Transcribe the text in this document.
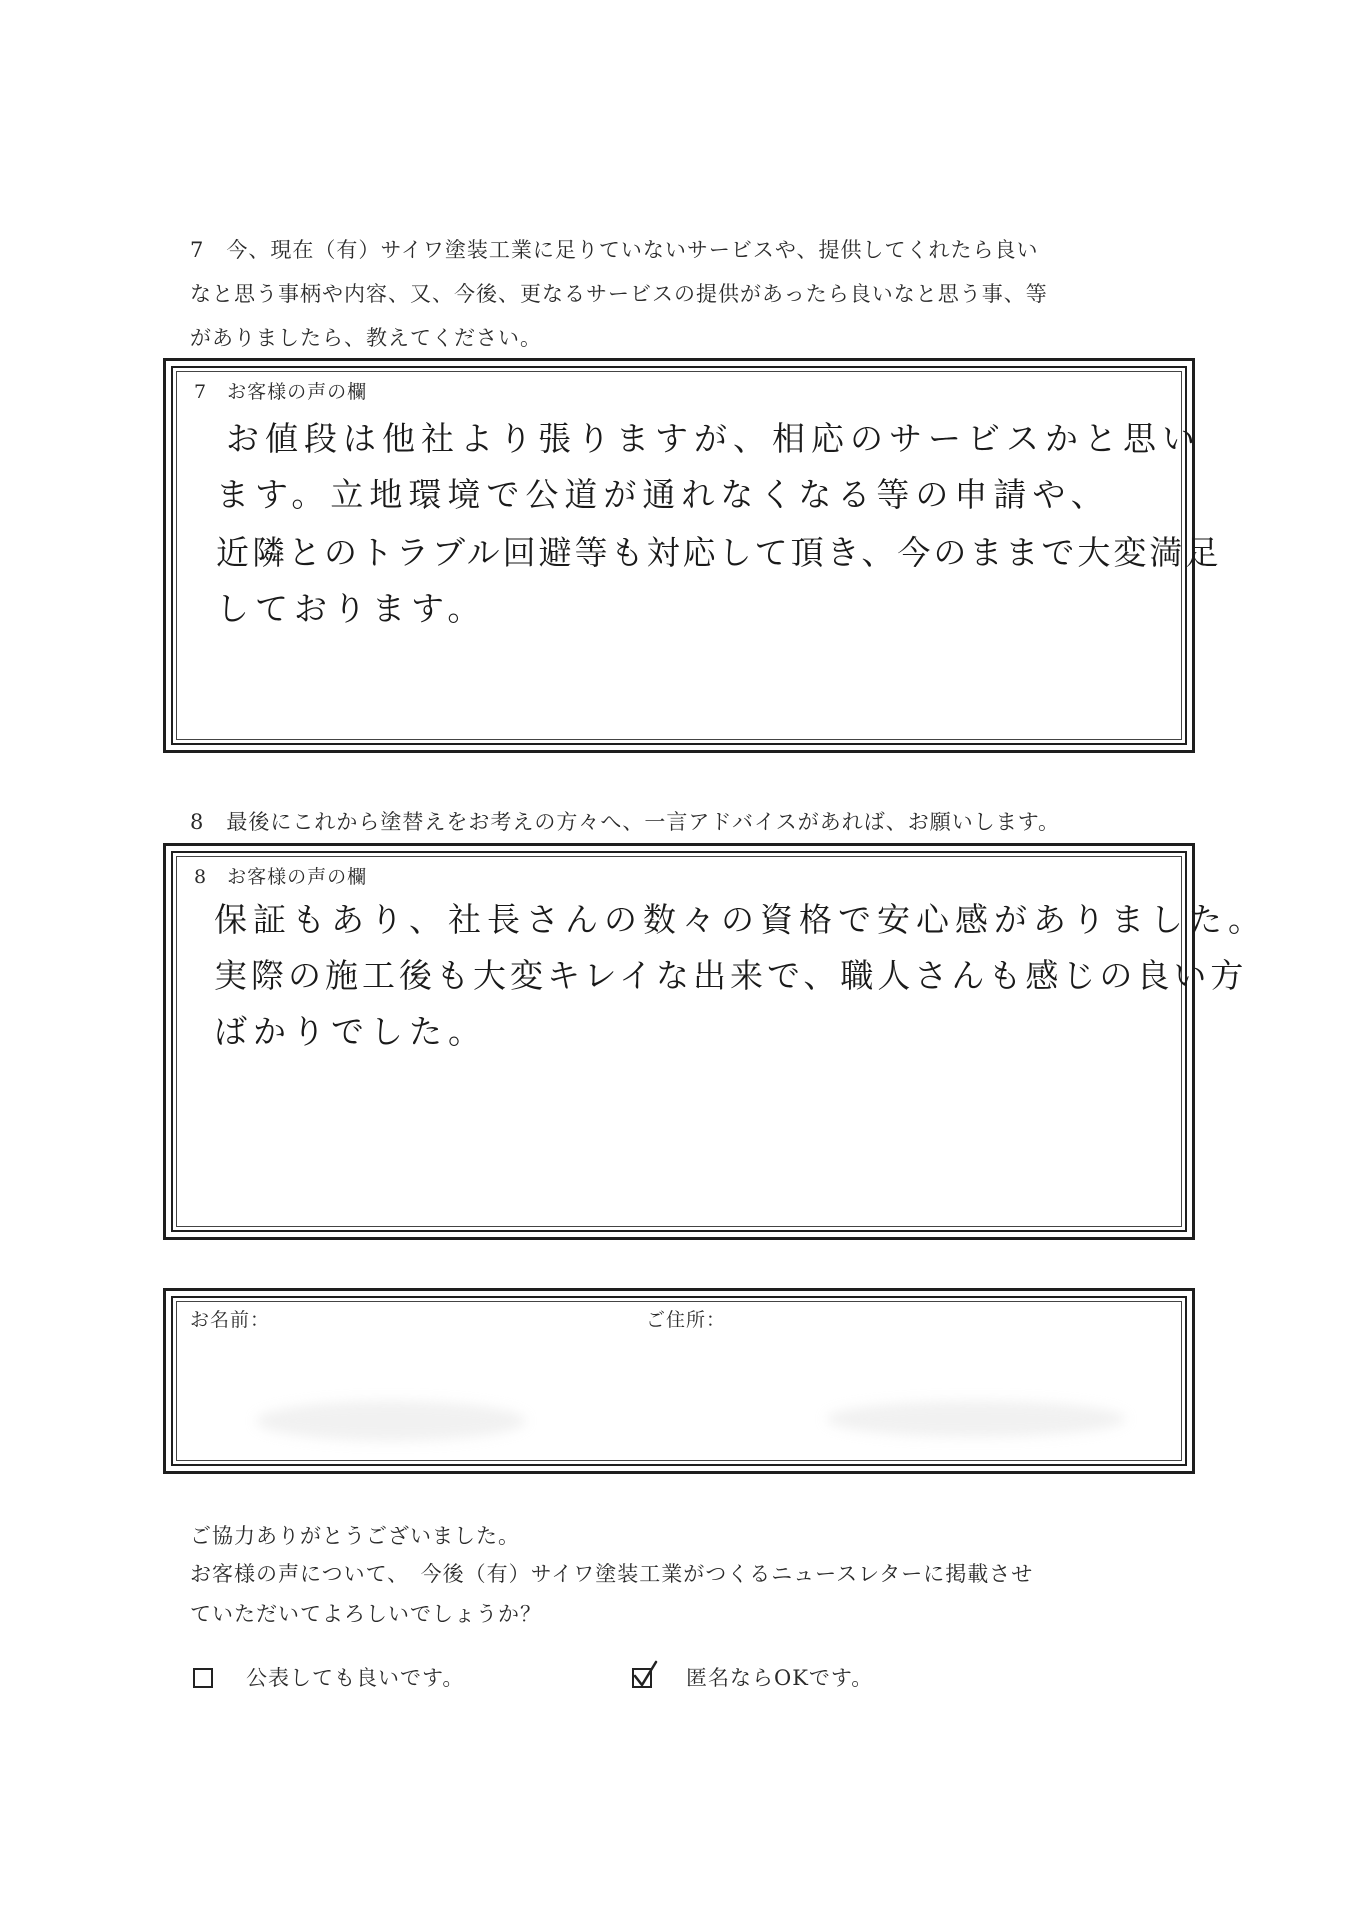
7　今、現在（有）サイワ塗装工業に足りていないサービスや、提供してくれたら良い
なと思う事柄や内容、又、今後、更なるサービスの提供があったら良いなと思う事、等
がありましたら、教えてください。
7　お客様の声の欄
お値段は他社より張りますが、相応のサービスかと思い
ます。立地環境で公道が通れなくなる等の申請や、
近隣とのトラブル回避等も対応して頂き、今のままで大変満足
しております。
8　最後にこれから塗替えをお考えの方々へ、一言アドバイスがあれば、お願いします。
8　お客様の声の欄
保証もあり、社長さんの数々の資格で安心感がありました。
実際の施工後も大変キレイな出来で、職人さんも感じの良い方
ばかりでした。
お名前：	ご住所：
ご協力ありがとうございました。
お客様の声について、　今後（有）サイワ塗装工業がつくるニュースレターに掲載させ
ていただいてよろしいでしょうか？
公表しても良いです。	匿名ならOKです。
